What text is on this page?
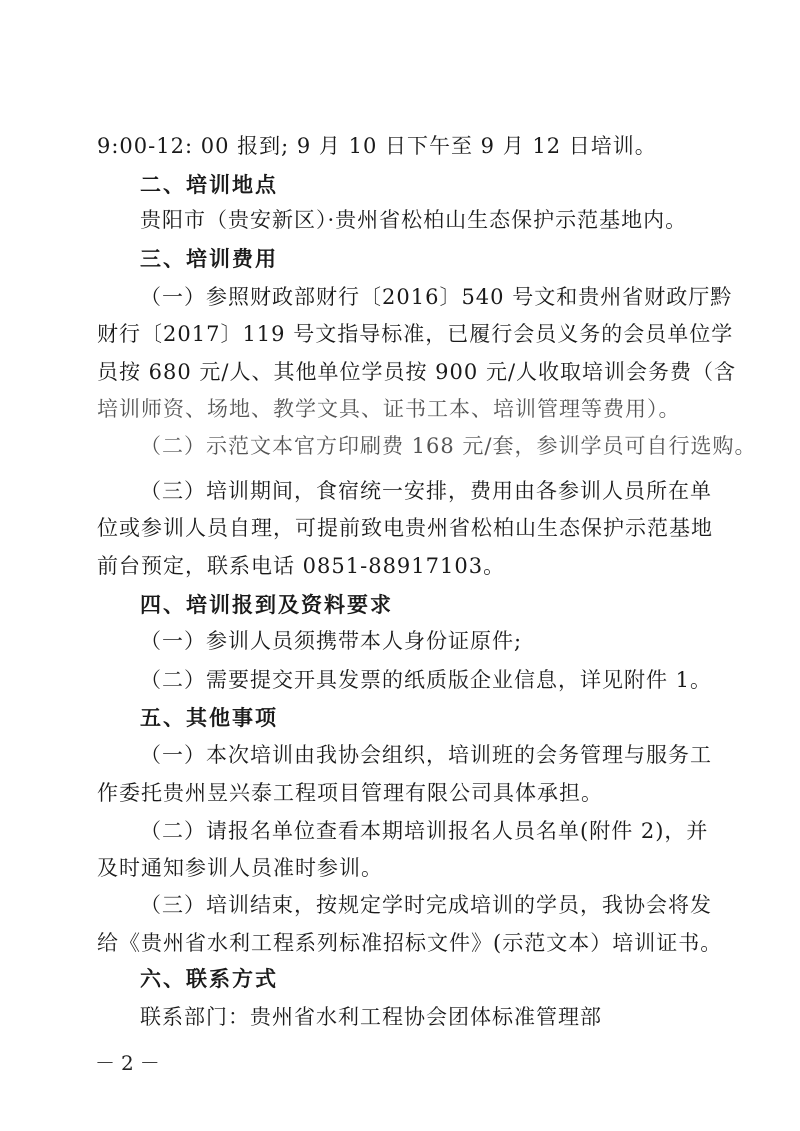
9:00-12: 00 报到; 9 月 10 日下午至 9 月 12 日培训。
二、培训地点
贵阳市（贵安新区）·贵州省松柏山生态保护示范基地内。
三、培训费用
（一）参照财政部财行〔2016〕540 号文和贵州省财政厅黔
财行〔2017〕119 号文指导标准，已履行会员义务的会员单位学
员按 680 元/人、其他单位学员按 900 元/人收取培训会务费（含
培训师资、场地、教学文具、证书工本、培训管理等费用）。
（二）示范文本官方印刷费 168 元/套，参训学员可自行选购。
（三）培训期间，食宿统一安排，费用由各参训人员所在单
位或参训人员自理，可提前致电贵州省松柏山生态保护示范基地
前台预定，联系电话 0851-88917103。
四、培训报到及资料要求
（一）参训人员须携带本人身份证原件;
（二）需要提交开具发票的纸质版企业信息，详见附件 1。
五、其他事项
（一）本次培训由我协会组织，培训班的会务管理与服务工
作委托贵州昱兴泰工程项目管理有限公司具体承担。
（二）请报名单位查看本期培训报名人员名单(附件 2)，并
及时通知参训人员准时参训。
（三）培训结束，按规定学时完成培训的学员，我协会将发
给《贵州省水利工程系列标准招标文件》(示范文本）培训证书。
六、联系方式
联系部门：贵州省水利工程协会团体标准管理部
－2－
